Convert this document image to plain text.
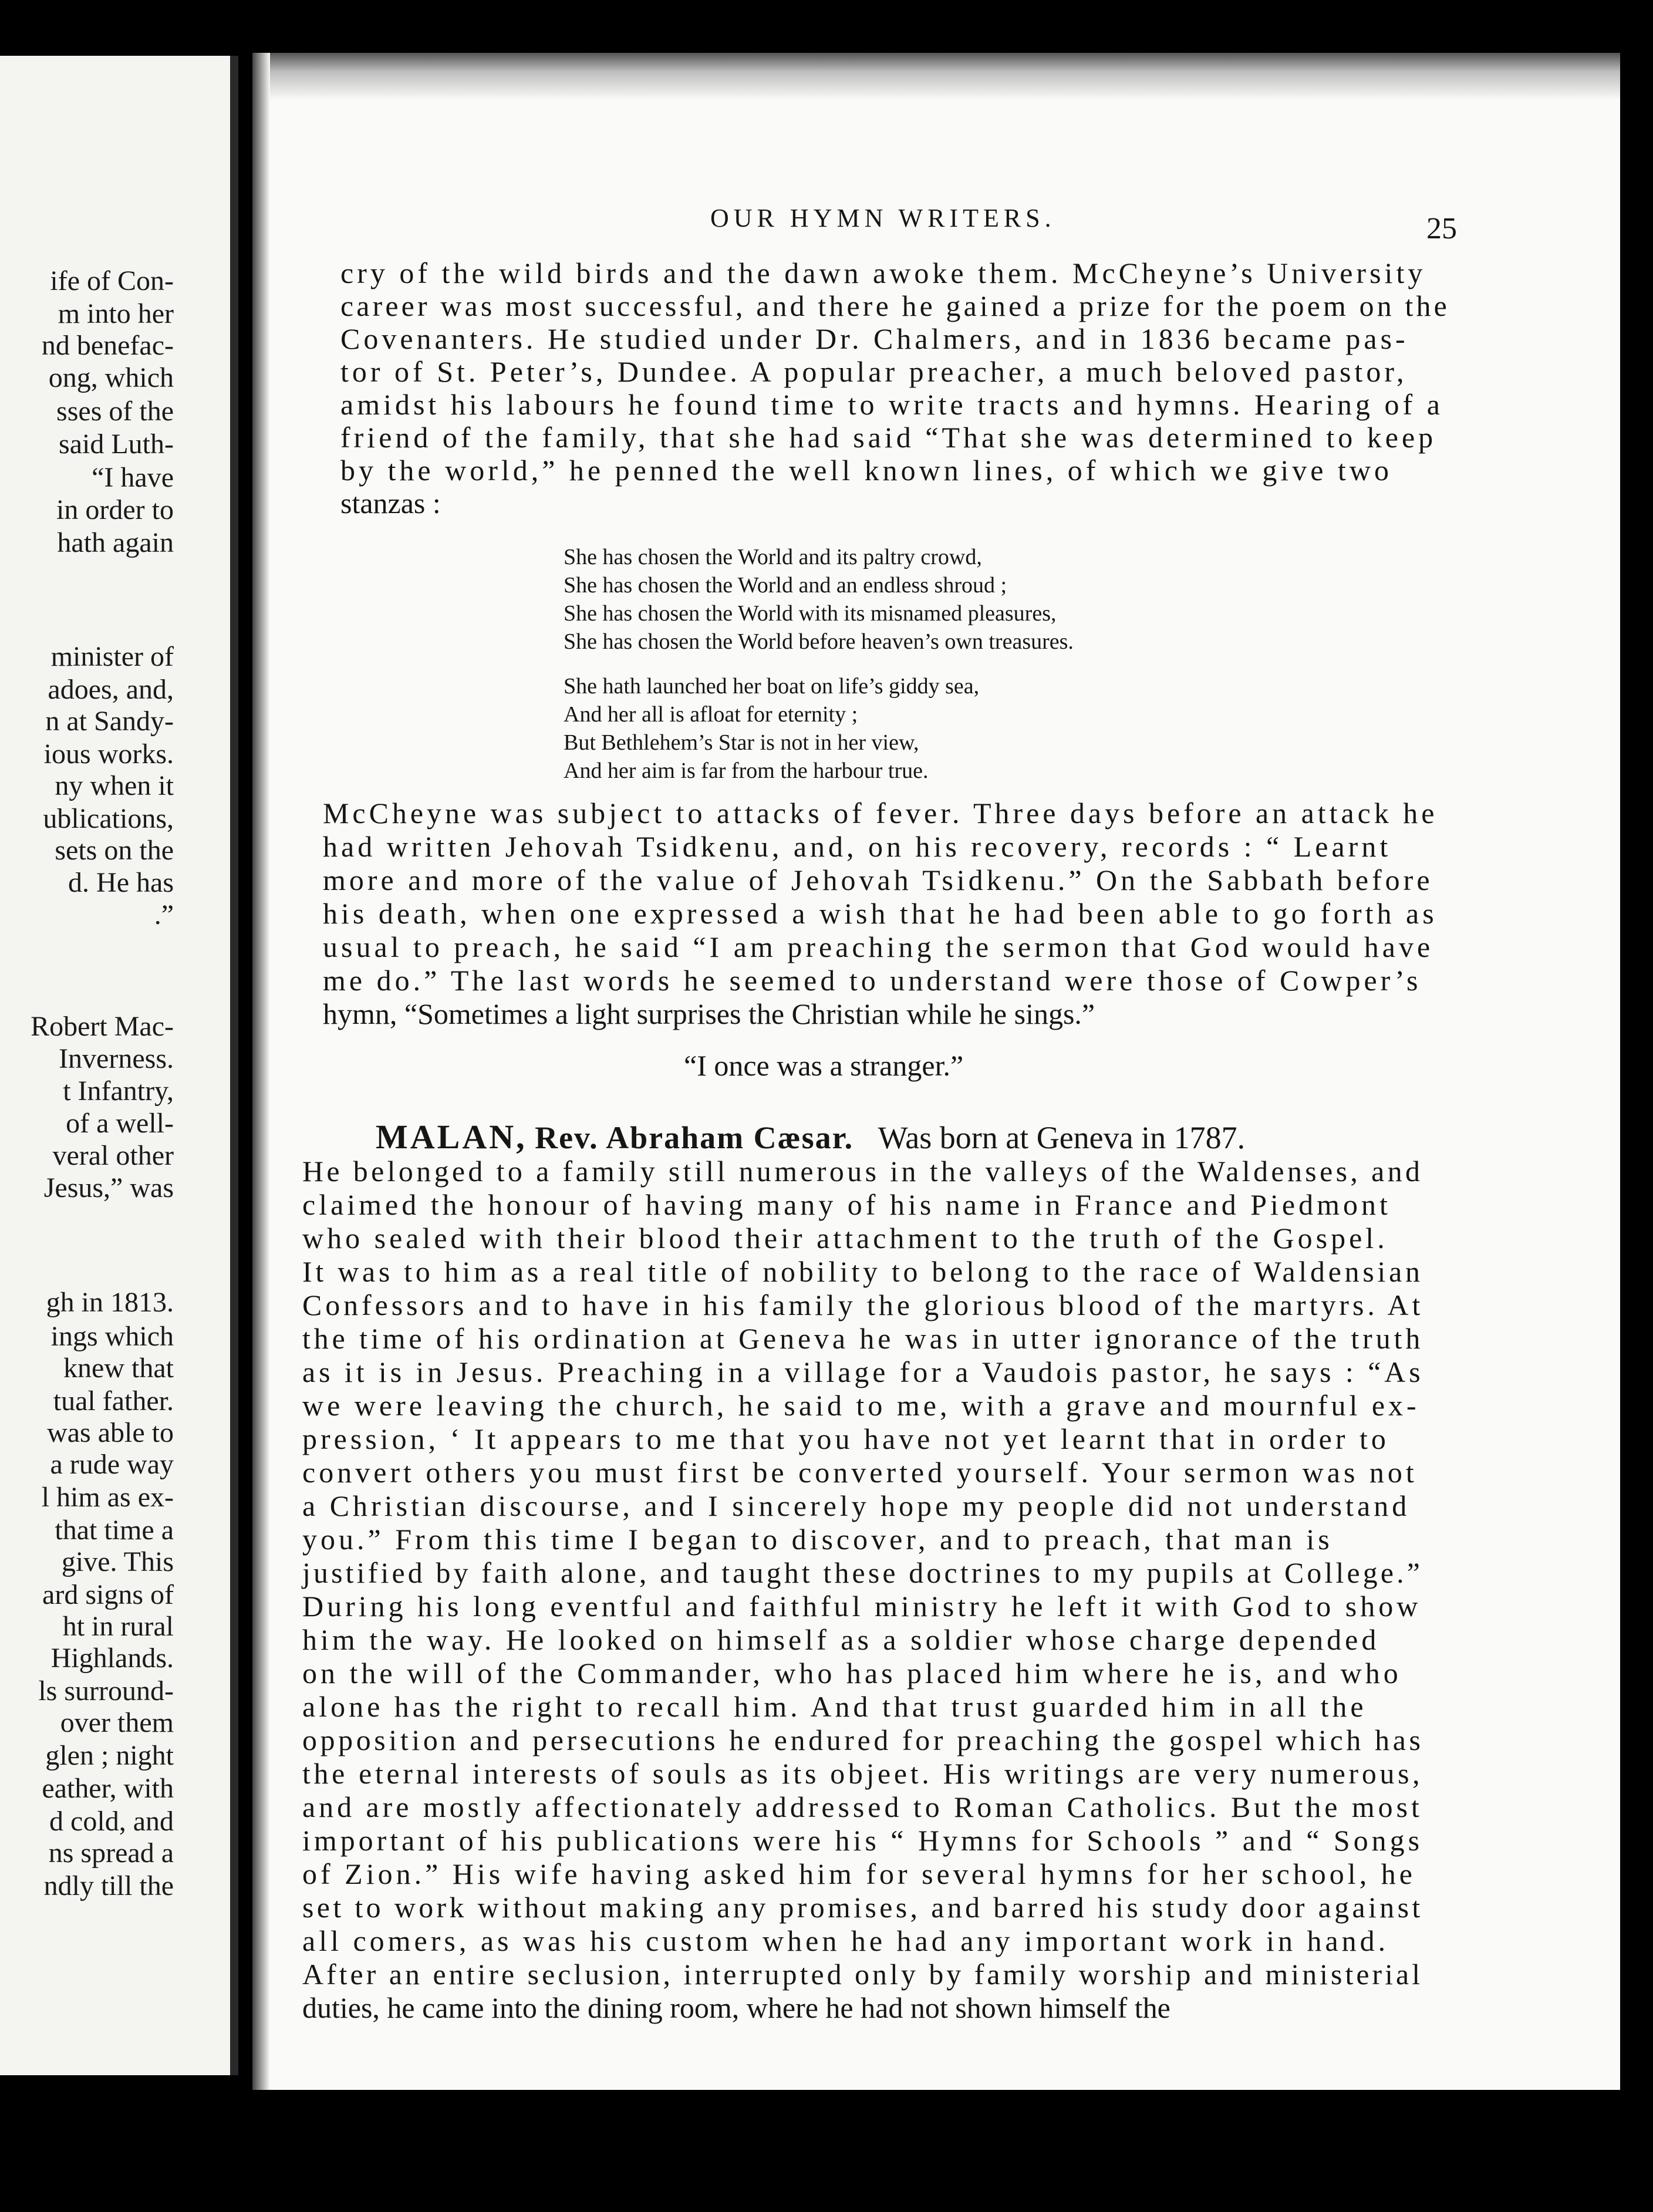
ife of Con-
m into her
nd benefac-
ong, which
sses of the
said Luth-
“I have
in order to
hath again
minister of
adoes, and,
n at Sandy-
ious works.
ny when it
ublications,
sets on the
d. He has
.”
Robert Mac-
Inverness.
t Infantry,
of a well-
veral other
Jesus,” was
gh in 1813.
ings which
knew that
tual father.
was able to
a rude way
l him as ex-
that time a
give. This
ard signs of
ht in rural
Highlands.
ls surround-
over them
glen ; night
eather, with
d cold, and
ns spread a
ndly till the
OUR HYMN WRITERS.	25
“I once was a stranger.”
MALAN, Rev. Abraham Cæsar. Was born at Geneva in 1787.
cry of the wild birds and the dawn awoke them. McCheyne’s University
career was most successful, and there he gained a prize for the poem on the
Covenanters. He studied under Dr. Chalmers, and in 1836 became pas-
tor of St. Peter’s, Dundee. A popular preacher, a much beloved pastor,
amidst his labours he found time to write tracts and hymns. Hearing of a
friend of the family, that she had said “That she was determined to keep
by the world,” he penned the well known lines, of which we give two
stanzas :
She has chosen the World and its paltry crowd,
She has chosen the World and an endless shroud ;
She has chosen the World with its misnamed pleasures,
She has chosen the World before heaven’s own treasures.
She hath launched her boat on life’s giddy sea,
And her all is afloat for eternity ;
But Bethlehem’s Star is not in her view,
And her aim is far from the harbour true.
McCheyne was subject to attacks of fever. Three days before an attack he
had written Jehovah Tsidkenu, and, on his recovery, records : “ Learnt
more and more of the value of Jehovah Tsidkenu.” On the Sabbath before
his death, when one expressed a wish that he had been able to go forth as
usual to preach, he said “I am preaching the sermon that God would have
me do.” The last words he seemed to understand were those of Cowper’s
hymn, “Sometimes a light surprises the Christian while he sings.”
He belonged to a family still numerous in the valleys of the Waldenses, and
claimed the honour of having many of his name in France and Piedmont
who sealed with their blood their attachment to the truth of the Gospel.
It was to him as a real title of nobility to belong to the race of Waldensian
Confessors and to have in his family the glorious blood of the martyrs. At
the time of his ordination at Geneva he was in utter ignorance of the truth
as it is in Jesus. Preaching in a village for a Vaudois pastor, he says : “As
we were leaving the church, he said to me, with a grave and mournful ex-
pression, ‘ It appears to me that you have not yet learnt that in order to
convert others you must first be converted yourself. Your sermon was not
a Christian discourse, and I sincerely hope my people did not understand
you.” From this time I began to discover, and to preach, that man is
justified by faith alone, and taught these doctrines to my pupils at College.”
During his long eventful and faithful ministry he left it with God to show
him the way. He looked on himself as a soldier whose charge depended
on the will of the Commander, who has placed him where he is, and who
alone has the right to recall him. And that trust guarded him in all the
opposition and persecutions he endured for preaching the gospel which has
the eternal interests of souls as its objeet. His writings are very numerous,
and are mostly affectionately addressed to Roman Catholics. But the most
important of his publications were his “ Hymns for Schools ” and “ Songs
of Zion.” His wife having asked him for several hymns for her school, he
set to work without making any promises, and barred his study door against
all comers, as was his custom when he had any important work in hand.
After an entire seclusion, interrupted only by family worship and ministerial
duties, he came into the dining room, where he had not shown himself the
